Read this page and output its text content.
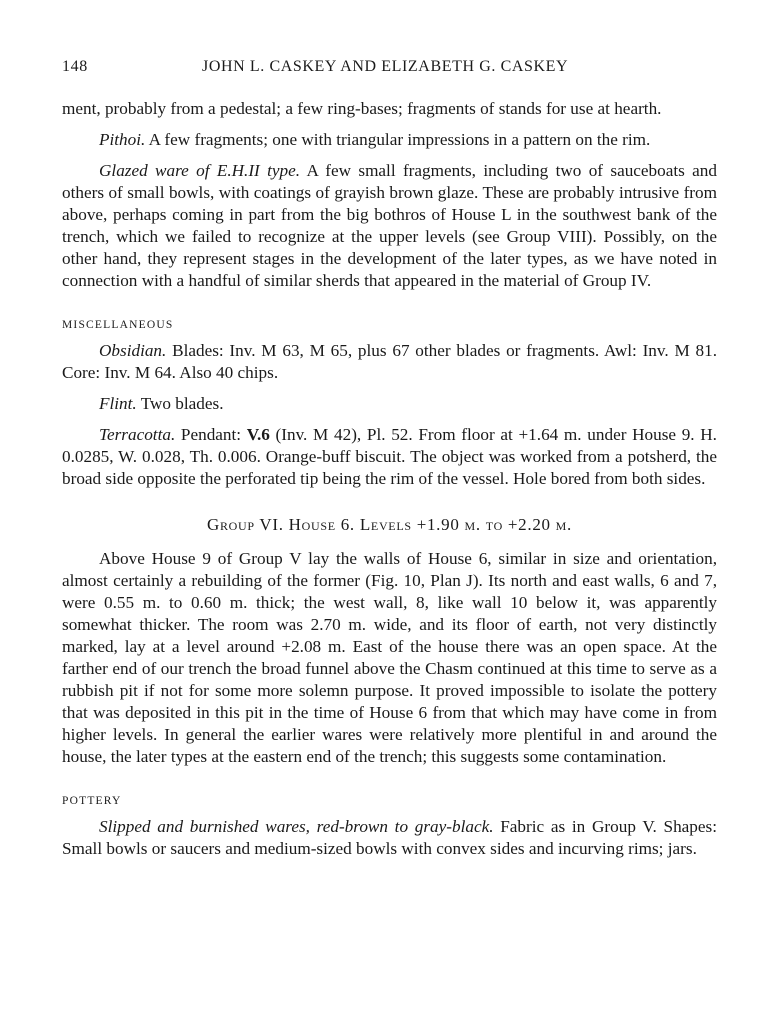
148	JOHN L. CASKEY AND ELIZABETH G. CASKEY

ment, probably from a pedestal; a few ring-bases; fragments of stands for use at hearth.

Pithoi. A few fragments; one with triangular impressions in a pattern on the rim.

Glazed ware of E.H.II type. A few small fragments, including two of sauceboats and others of small bowls, with coatings of grayish brown glaze. These are probably intrusive from above, perhaps coming in part from the big bothros of House L in the southwest bank of the trench, which we failed to recognize at the upper levels (see Group VIII). Possibly, on the other hand, they represent stages in the development of the later types, as we have noted in connection with a handful of similar sherds that appeared in the material of Group IV.

MISCELLANEOUS

Obsidian. Blades: Inv. M 63, M 65, plus 67 other blades or fragments. Awl: Inv. M 81. Core: Inv. M 64. Also 40 chips.

Flint. Two blades.

Terracotta. Pendant: V.6 (Inv. M 42), Pl. 52. From floor at +1.64 m. under House 9. H. 0.0285, W. 0.028, Th. 0.006. Orange-buff biscuit. The object was worked from a potsherd, the broad side opposite the perforated tip being the rim of the vessel. Hole bored from both sides.

Group VI. House 6. Levels +1.90 m. to +2.20 m.

Above House 9 of Group V lay the walls of House 6, similar in size and orientation, almost certainly a rebuilding of the former (Fig. 10, Plan J). Its north and east walls, 6 and 7, were 0.55 m. to 0.60 m. thick; the west wall, 8, like wall 10 below it, was apparently somewhat thicker. The room was 2.70 m. wide, and its floor of earth, not very distinctly marked, lay at a level around +2.08 m. East of the house there was an open space. At the farther end of our trench the broad funnel above the Chasm continued at this time to serve as a rubbish pit if not for some more solemn purpose. It proved impossible to isolate the pottery that was deposited in this pit in the time of House 6 from that which may have come in from higher levels. In general the earlier wares were relatively more plentiful in and around the house, the later types at the eastern end of the trench; this suggests some contamination.

POTTERY

Slipped and burnished wares, red-brown to gray-black. Fabric as in Group V. Shapes: Small bowls or saucers and medium-sized bowls with convex sides and incurving rims; jars.
